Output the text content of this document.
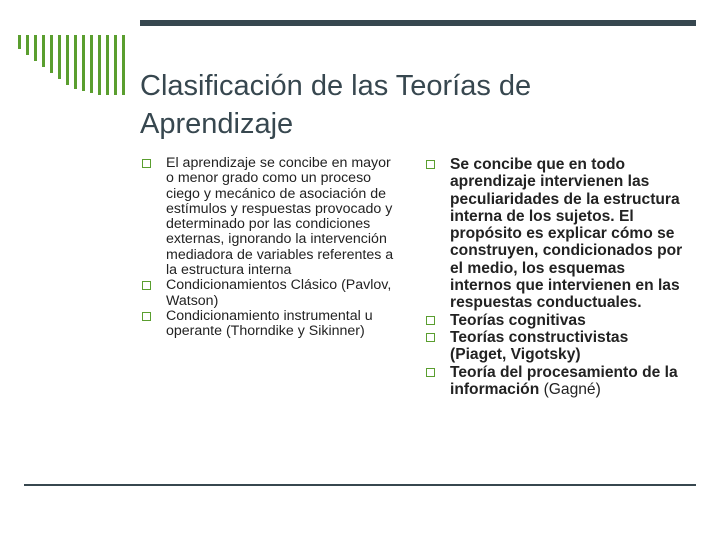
Clasificación de las Teorías de Aprendizaje
El aprendizaje se concibe en mayor o menor grado como un proceso ciego y mecánico de asociación de estímulos y respuestas provocado y determinado por las condiciones externas, ignorando la intervención mediadora de variables referentes a la estructura interna
Condicionamientos Clásico (Pavlov, Watson)
Condicionamiento instrumental u operante (Thorndike y Sikinner)
Se concibe que en todo aprendizaje intervienen las peculiaridades de la estructura interna de los sujetos. El propósito es explicar cómo se construyen, condicionados por el medio, los esquemas internos que intervienen en las respuestas conductuales.
Teorías cognitivas
Teorías constructivistas (Piaget, Vigotsky)
Teoría del procesamiento de la información (Gagné)
